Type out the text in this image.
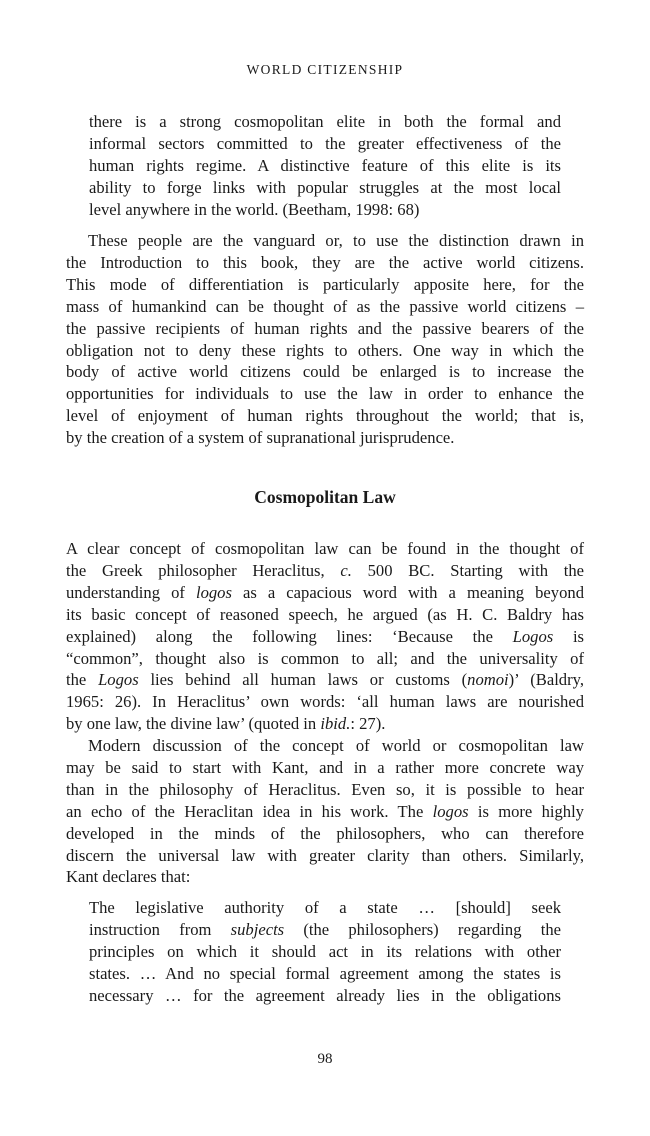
WORLD CITIZENSHIP
there is a strong cosmopolitan elite in both the formal and
informal sectors committed to the greater effectiveness of the
human rights regime. A distinctive feature of this elite is its
ability to forge links with popular struggles at the most local
level anywhere in the world. (Beetham, 1998: 68)
These people are the vanguard or, to use the distinction drawn in
the Introduction to this book, they are the active world citizens.
This mode of differentiation is particularly apposite here, for the
mass of humankind can be thought of as the passive world citizens –
the passive recipients of human rights and the passive bearers of the
obligation not to deny these rights to others. One way in which the
body of active world citizens could be enlarged is to increase the
opportunities for individuals to use the law in order to enhance the
level of enjoyment of human rights throughout the world; that is,
by the creation of a system of supranational jurisprudence.
Cosmopolitan Law
A clear concept of cosmopolitan law can be found in the thought of
the Greek philosopher Heraclitus, c. 500 BC. Starting with the
understanding of logos as a capacious word with a meaning beyond
its basic concept of reasoned speech, he argued (as H. C. Baldry has
explained) along the following lines: ‘Because the Logos is
“common”, thought also is common to all; and the universality of
the Logos lies behind all human laws or customs (nomoi)’ (Baldry,
1965: 26). In Heraclitus’ own words: ‘all human laws are nourished
by one law, the divine law’ (quoted in ibid.: 27).
Modern discussion of the concept of world or cosmopolitan law
may be said to start with Kant, and in a rather more concrete way
than in the philosophy of Heraclitus. Even so, it is possible to hear
an echo of the Heraclitan idea in his work. The logos is more highly
developed in the minds of the philosophers, who can therefore
discern the universal law with greater clarity than others. Similarly,
Kant declares that:
The legislative authority of a state … [should] seek
instruction from subjects (the philosophers) regarding the
principles on which it should act in its relations with other
states. … And no special formal agreement among the states is
necessary … for the agreement already lies in the obligations
98
